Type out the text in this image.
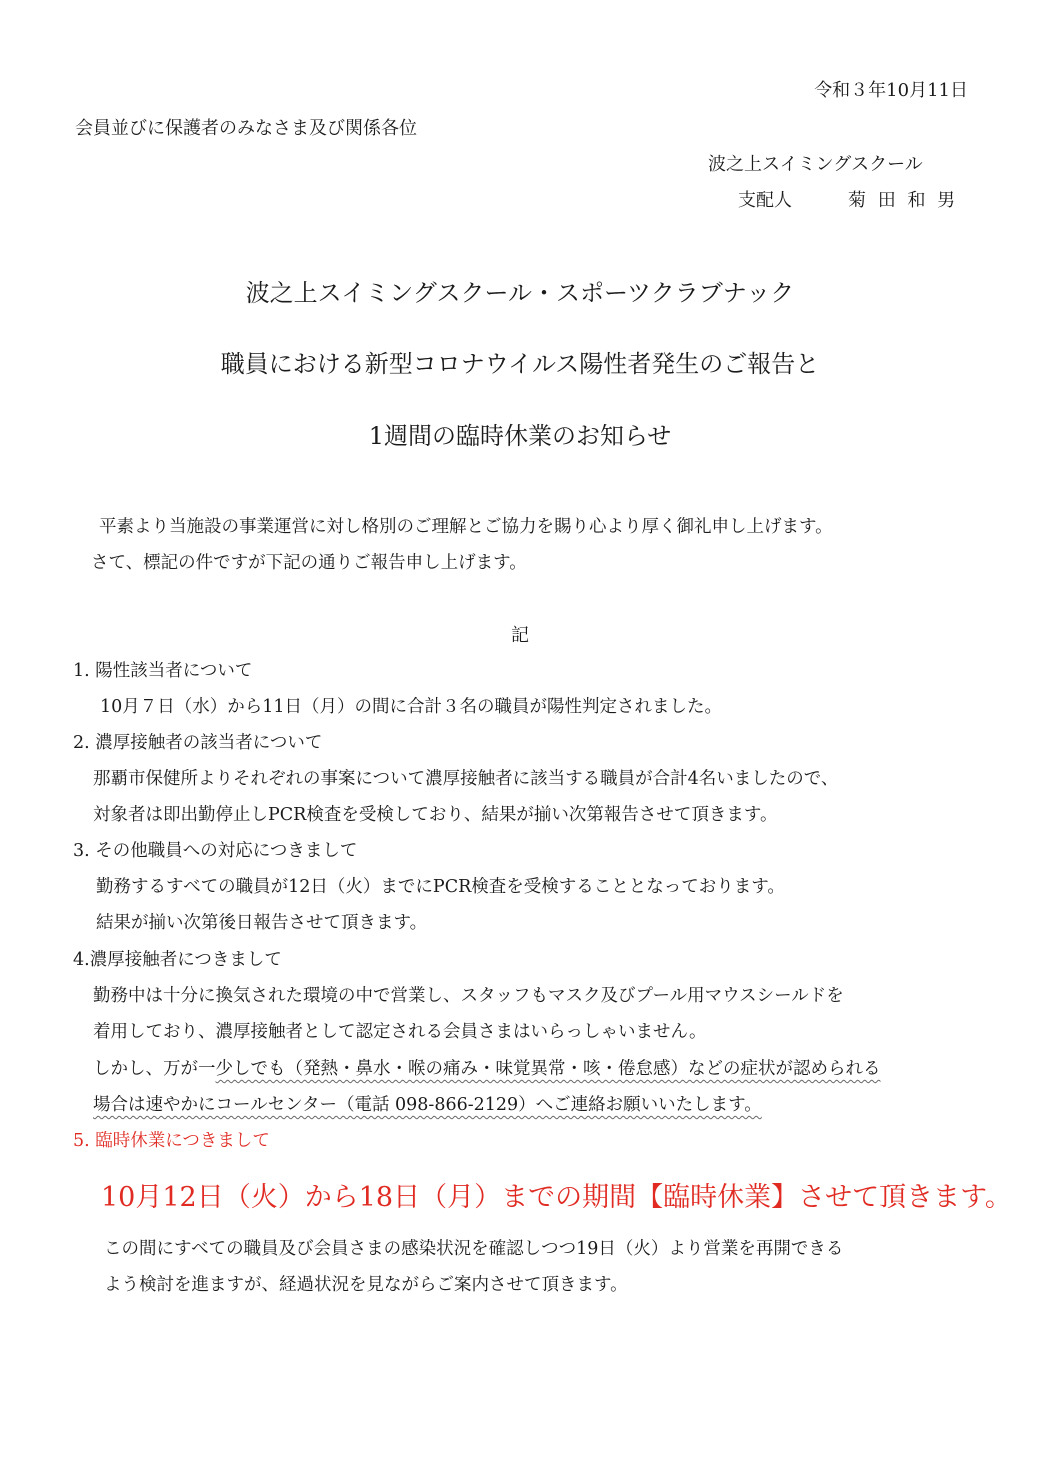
令和３年10月11日
会員並びに保護者のみなさま及び関係各位
波之上スイミングスクール
支配人	菊 田 和 男
波之上スイミングスクール・スポーツクラブナック
職員における新型コロナウイルス陽性者発生のご報告と
1週間の臨時休業のお知らせ
平素より当施設の事業運営に対し格別のご理解とご協力を賜り心より厚く御礼申し上げます。
さて、標記の件ですが下記の通りご報告申し上げます。
記
1. 陽性該当者について
10月７日（水）から11日（月）の間に合計３名の職員が陽性判定されました。
2. 濃厚接触者の該当者について
那覇市保健所よりそれぞれの事案について濃厚接触者に該当する職員が合計4名いましたので、
対象者は即出勤停止しPCR検査を受検しており、結果が揃い次第報告させて頂きます。
3. その他職員への対応につきまして
勤務するすべての職員が12日（火）までにPCR検査を受検することとなっております。
結果が揃い次第後日報告させて頂きます。
4.濃厚接触者につきまして
勤務中は十分に換気された環境の中で営業し、スタッフもマスク及びプール用マウスシールドを
着用しており、濃厚接触者として認定される会員さまはいらっしゃいません。
しかし、万が一少しでも（発熱・鼻水・喉の痛み・味覚異常・咳・倦怠感）などの症状が認められる
場合は速やかにコールセンター（電話 098-866-2129）へご連絡お願いいたします。
5. 臨時休業につきまして
10月12日（火）から18日（月）までの期間【臨時休業】させて頂きます。
この間にすべての職員及び会員さまの感染状況を確認しつつ19日（火）より営業を再開できる
よう検討を進ますが、経過状況を見ながらご案内させて頂きます。
